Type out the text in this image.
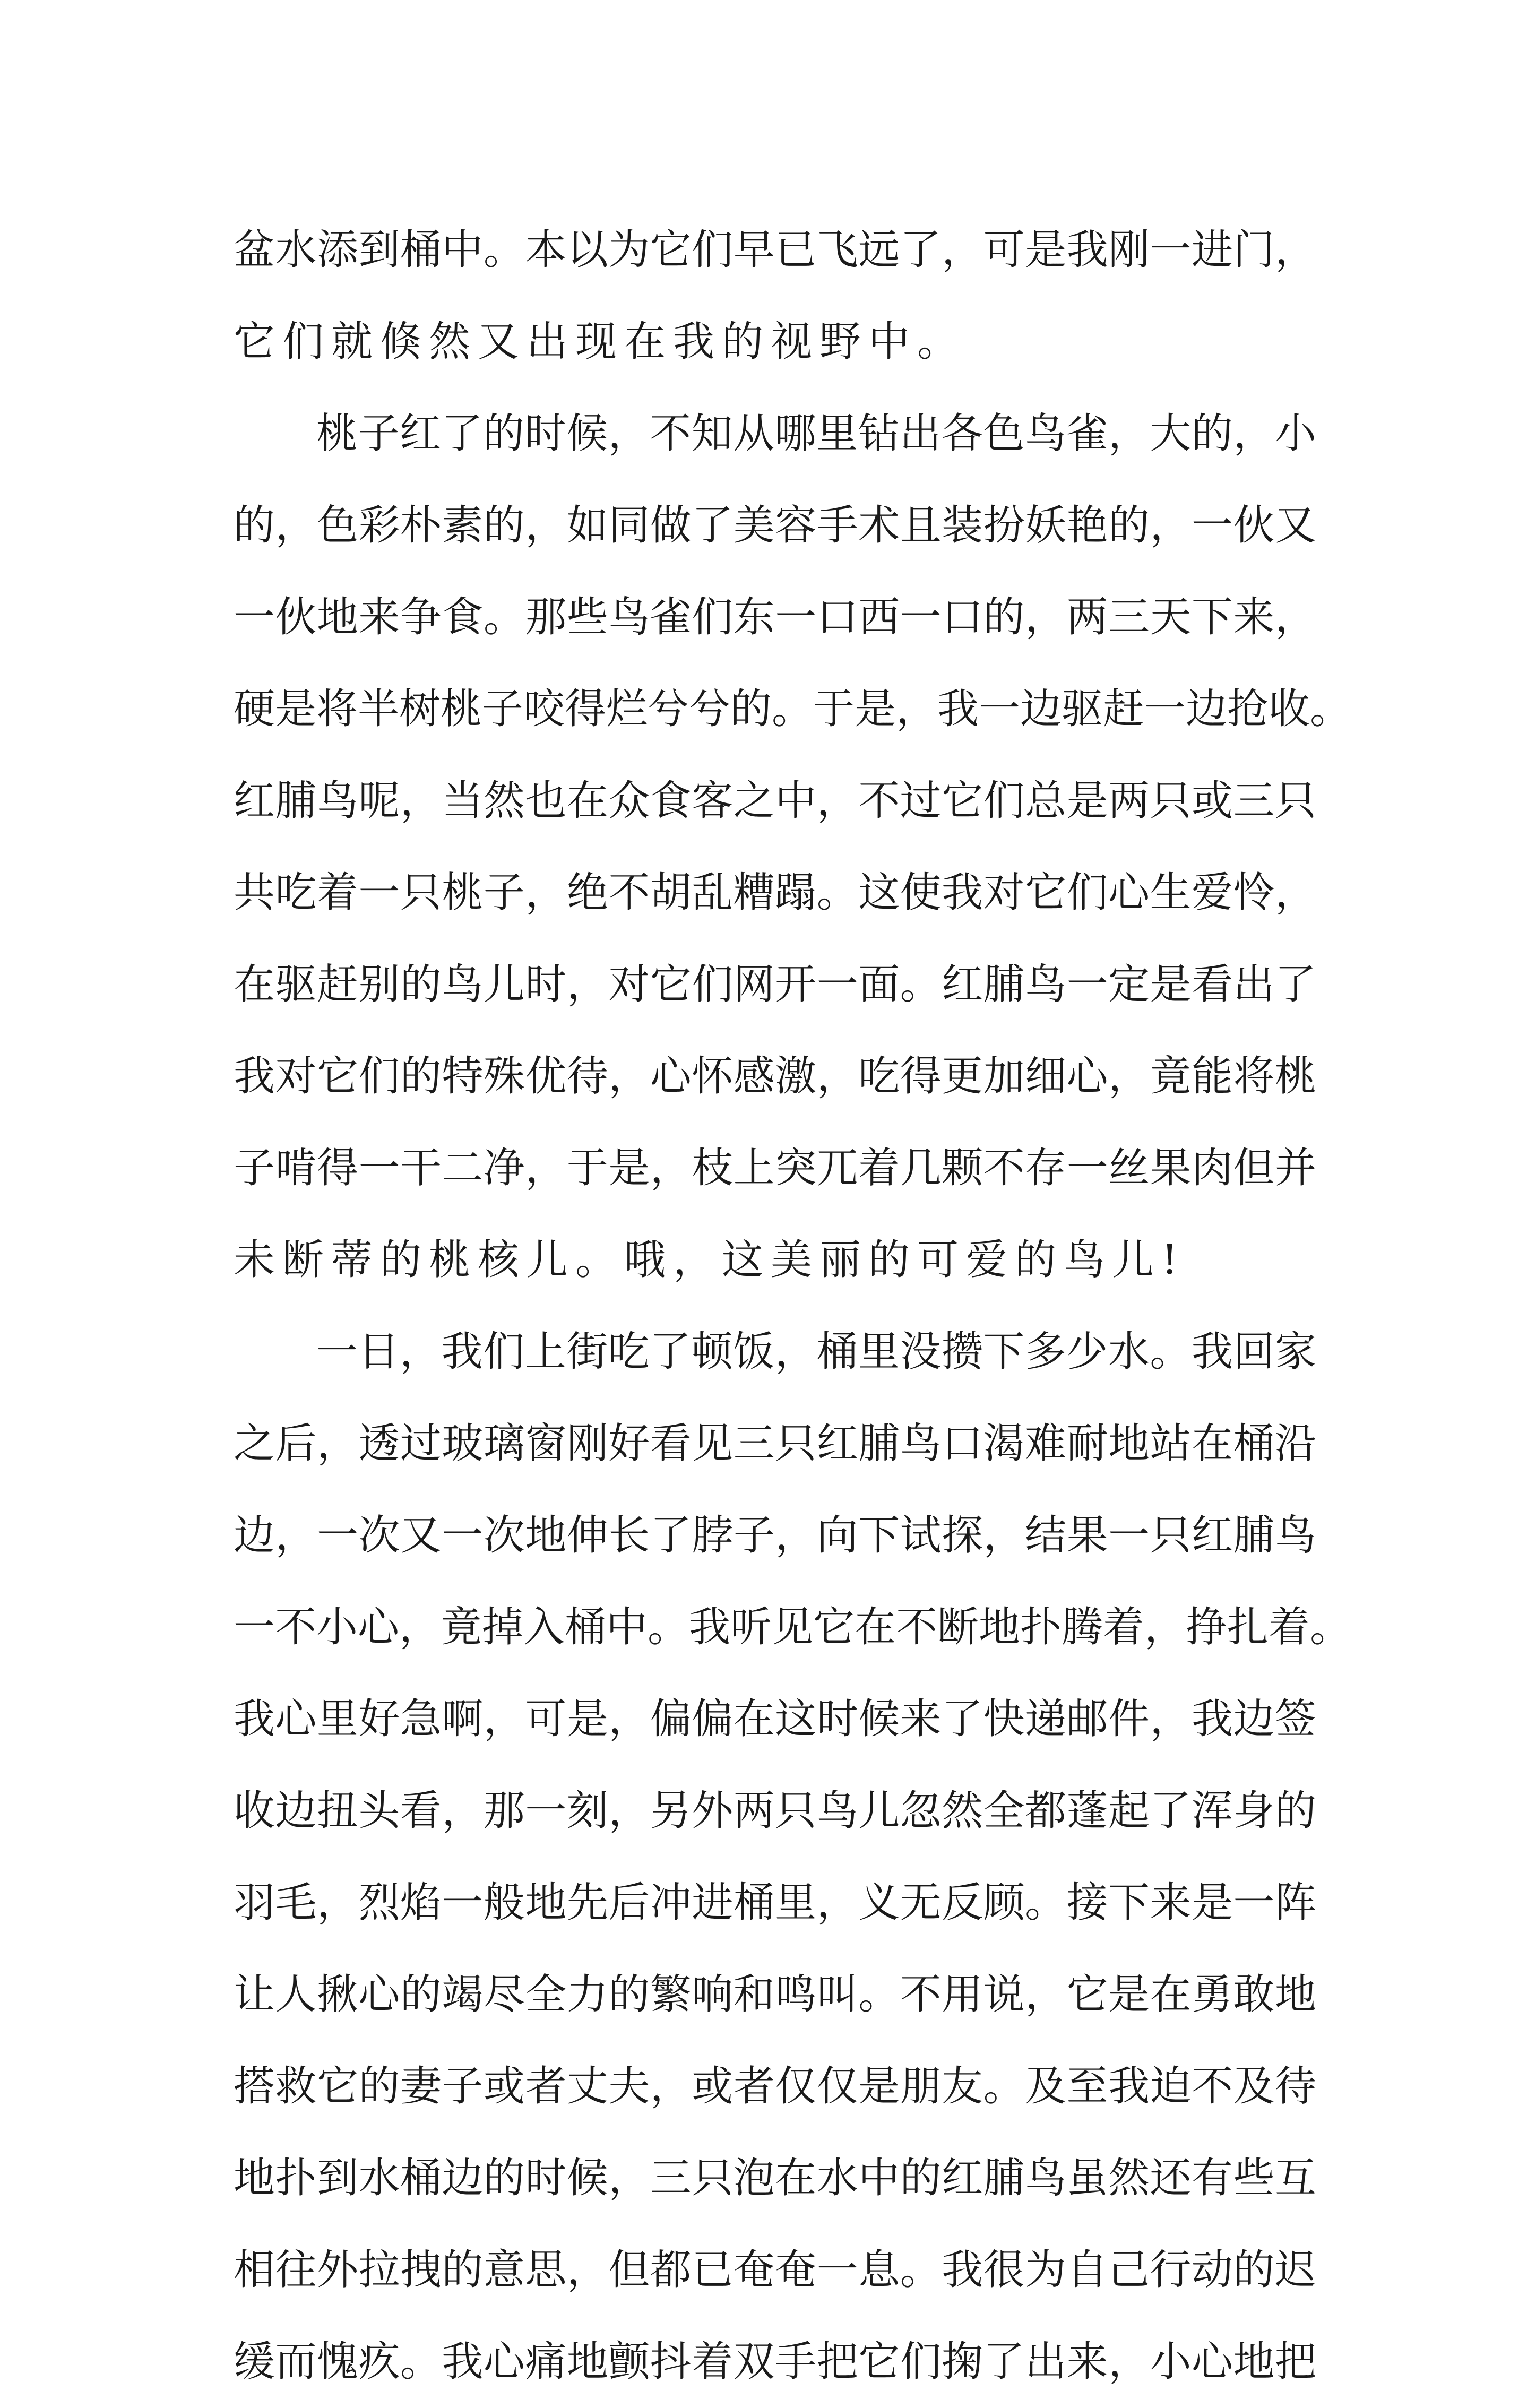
盆水添到桶中。本以为它们早已飞远了，可是我刚一进门，
它们就倏然又出现在我的视野中。
桃子红了的时候，不知从哪里钻出各色鸟雀，大的，小
的，色彩朴素的，如同做了美容手术且装扮妖艳的，一伙又
一伙地来争食。那些鸟雀们东一口西一口的，两三天下来，
硬是将半树桃子咬得烂兮兮的。于是，我一边驱赶一边抢收。
红脯鸟呢，当然也在众食客之中，不过它们总是两只或三只
共吃着一只桃子，绝不胡乱糟蹋。这使我对它们心生爱怜，
在驱赶别的鸟儿时，对它们网开一面。红脯鸟一定是看出了
我对它们的特殊优待，心怀感激，吃得更加细心，竟能将桃
子啃得一干二净，于是，枝上突兀着几颗不存一丝果肉但并
未断蒂的桃核儿。哦，这美丽的可爱的鸟儿!
一日，我们上街吃了顿饭，桶里没攒下多少水。我回家
之后，透过玻璃窗刚好看见三只红脯鸟口渴难耐地站在桶沿
边，一次又一次地伸长了脖子，向下试探，结果一只红脯鸟
一不小心，竟掉入桶中。我听见它在不断地扑腾着，挣扎着。
我心里好急啊，可是，偏偏在这时候来了快递邮件，我边签
收边扭头看，那一刻，另外两只鸟儿忽然全都蓬起了浑身的
羽毛，烈焰一般地先后冲进桶里，义无反顾。接下来是一阵
让人揪心的竭尽全力的繁响和鸣叫。不用说，它是在勇敢地
搭救它的妻子或者丈夫，或者仅仅是朋友。及至我迫不及待
地扑到水桶边的时候，三只泡在水中的红脯鸟虽然还有些互
相往外拉拽的意思，但都已奄奄一息。我很为自己行动的迟
缓而愧疚。我心痛地颤抖着双手把它们掬了出来，小心地把
